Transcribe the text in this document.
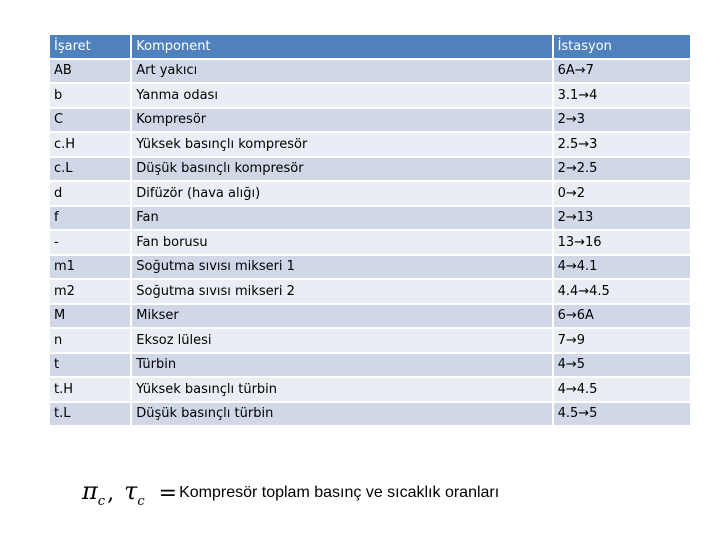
İşaret	Komponent	İstasyon
AB	Art yakıcı	6A→7
b	Yanma odası	3.1→4
C	Kompresör	2→3
c.H	Yüksek basınçlı kompresör	2.5→3
c.L	Düşük basınçlı kompresör	2→2.5
d	Difüzör (hava alığı)	0→2
f	Fan	2→13
-	Fan borusu	13→16
m1	Soğutma sıvısı mikseri 1	4→4.1
m2	Soğutma sıvısı mikseri 2	4.4→4.5
M	Mikser	6→6A
n	Eksoz lülesi	7→9
t	Türbin	4→5
t.H	Yüksek basınçlı türbin	4→4.5
t.L	Düşük basınçlı türbin	4.5→5
$\pi_c$ , $\tau_c$ = Kompresör toplam basınç ve sıcaklık oranları
